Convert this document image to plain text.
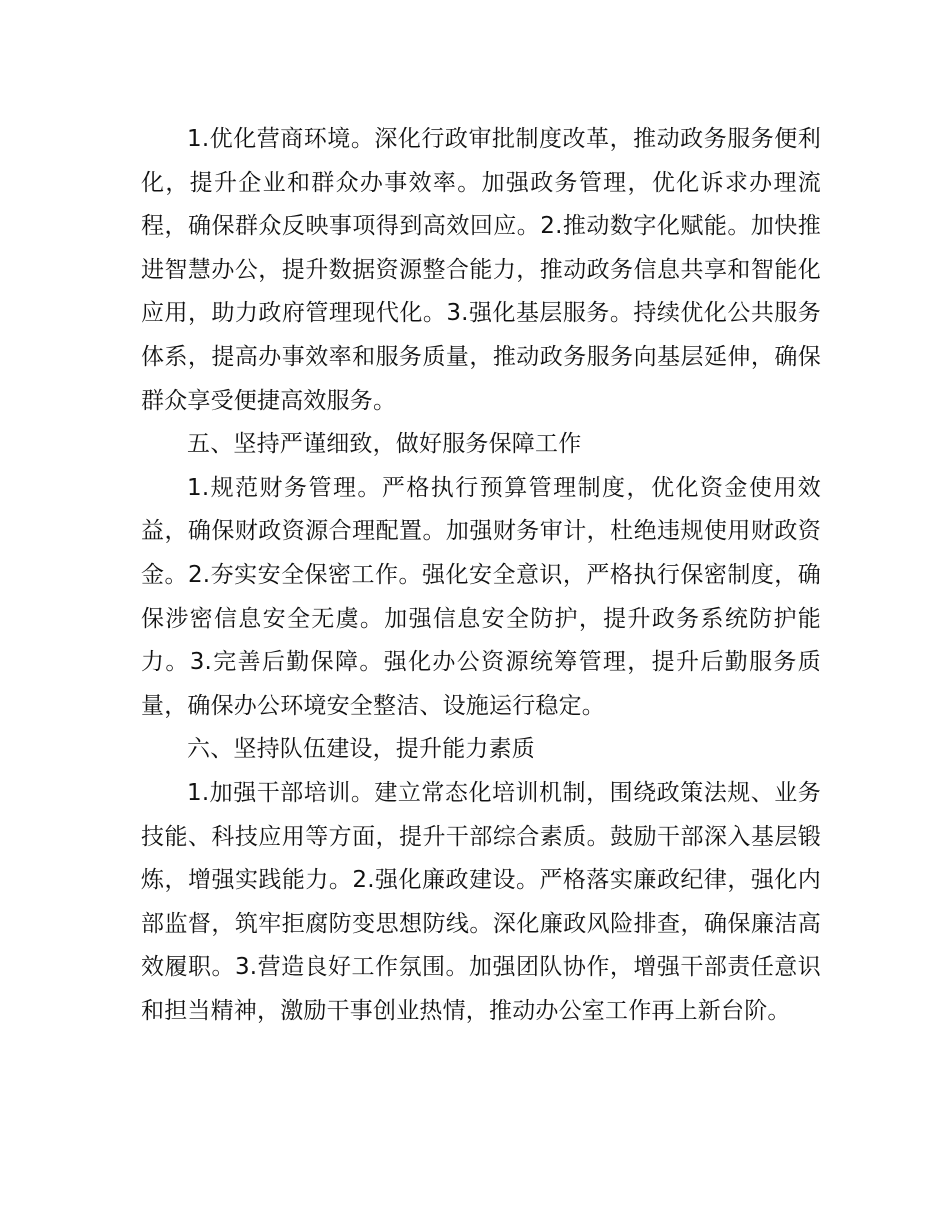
1.优化营商环境。深化行政审批制度改革，推动政务服务便利化，提升企业和群众办事效率。加强政务管理，优化诉求办理流程，确保群众反映事项得到高效回应。2.推动数字化赋能。加快推进智慧办公，提升数据资源整合能力，推动政务信息共享和智能化应用，助力政府管理现代化。3.强化基层服务。持续优化公共服务体系，提高办事效率和服务质量，推动政务服务向基层延伸，确保群众享受便捷高效服务。

五、坚持严谨细致，做好服务保障工作

1.规范财务管理。严格执行预算管理制度，优化资金使用效益，确保财政资源合理配置。加强财务审计，杜绝违规使用财政资金。2.夯实安全保密工作。强化安全意识，严格执行保密制度，确保涉密信息安全无虞。加强信息安全防护，提升政务系统防护能力。3.完善后勤保障。强化办公资源统筹管理，提升后勤服务质量，确保办公环境安全整洁、设施运行稳定。

六、坚持队伍建设，提升能力素质

1.加强干部培训。建立常态化培训机制，围绕政策法规、业务技能、科技应用等方面，提升干部综合素质。鼓励干部深入基层锻炼，增强实践能力。2.强化廉政建设。严格落实廉政纪律，强化内部监督，筑牢拒腐防变思想防线。深化廉政风险排查，确保廉洁高效履职。3.营造良好工作氛围。加强团队协作，增强干部责任意识和担当精神，激励干事创业热情，推动办公室工作再上新台阶。
